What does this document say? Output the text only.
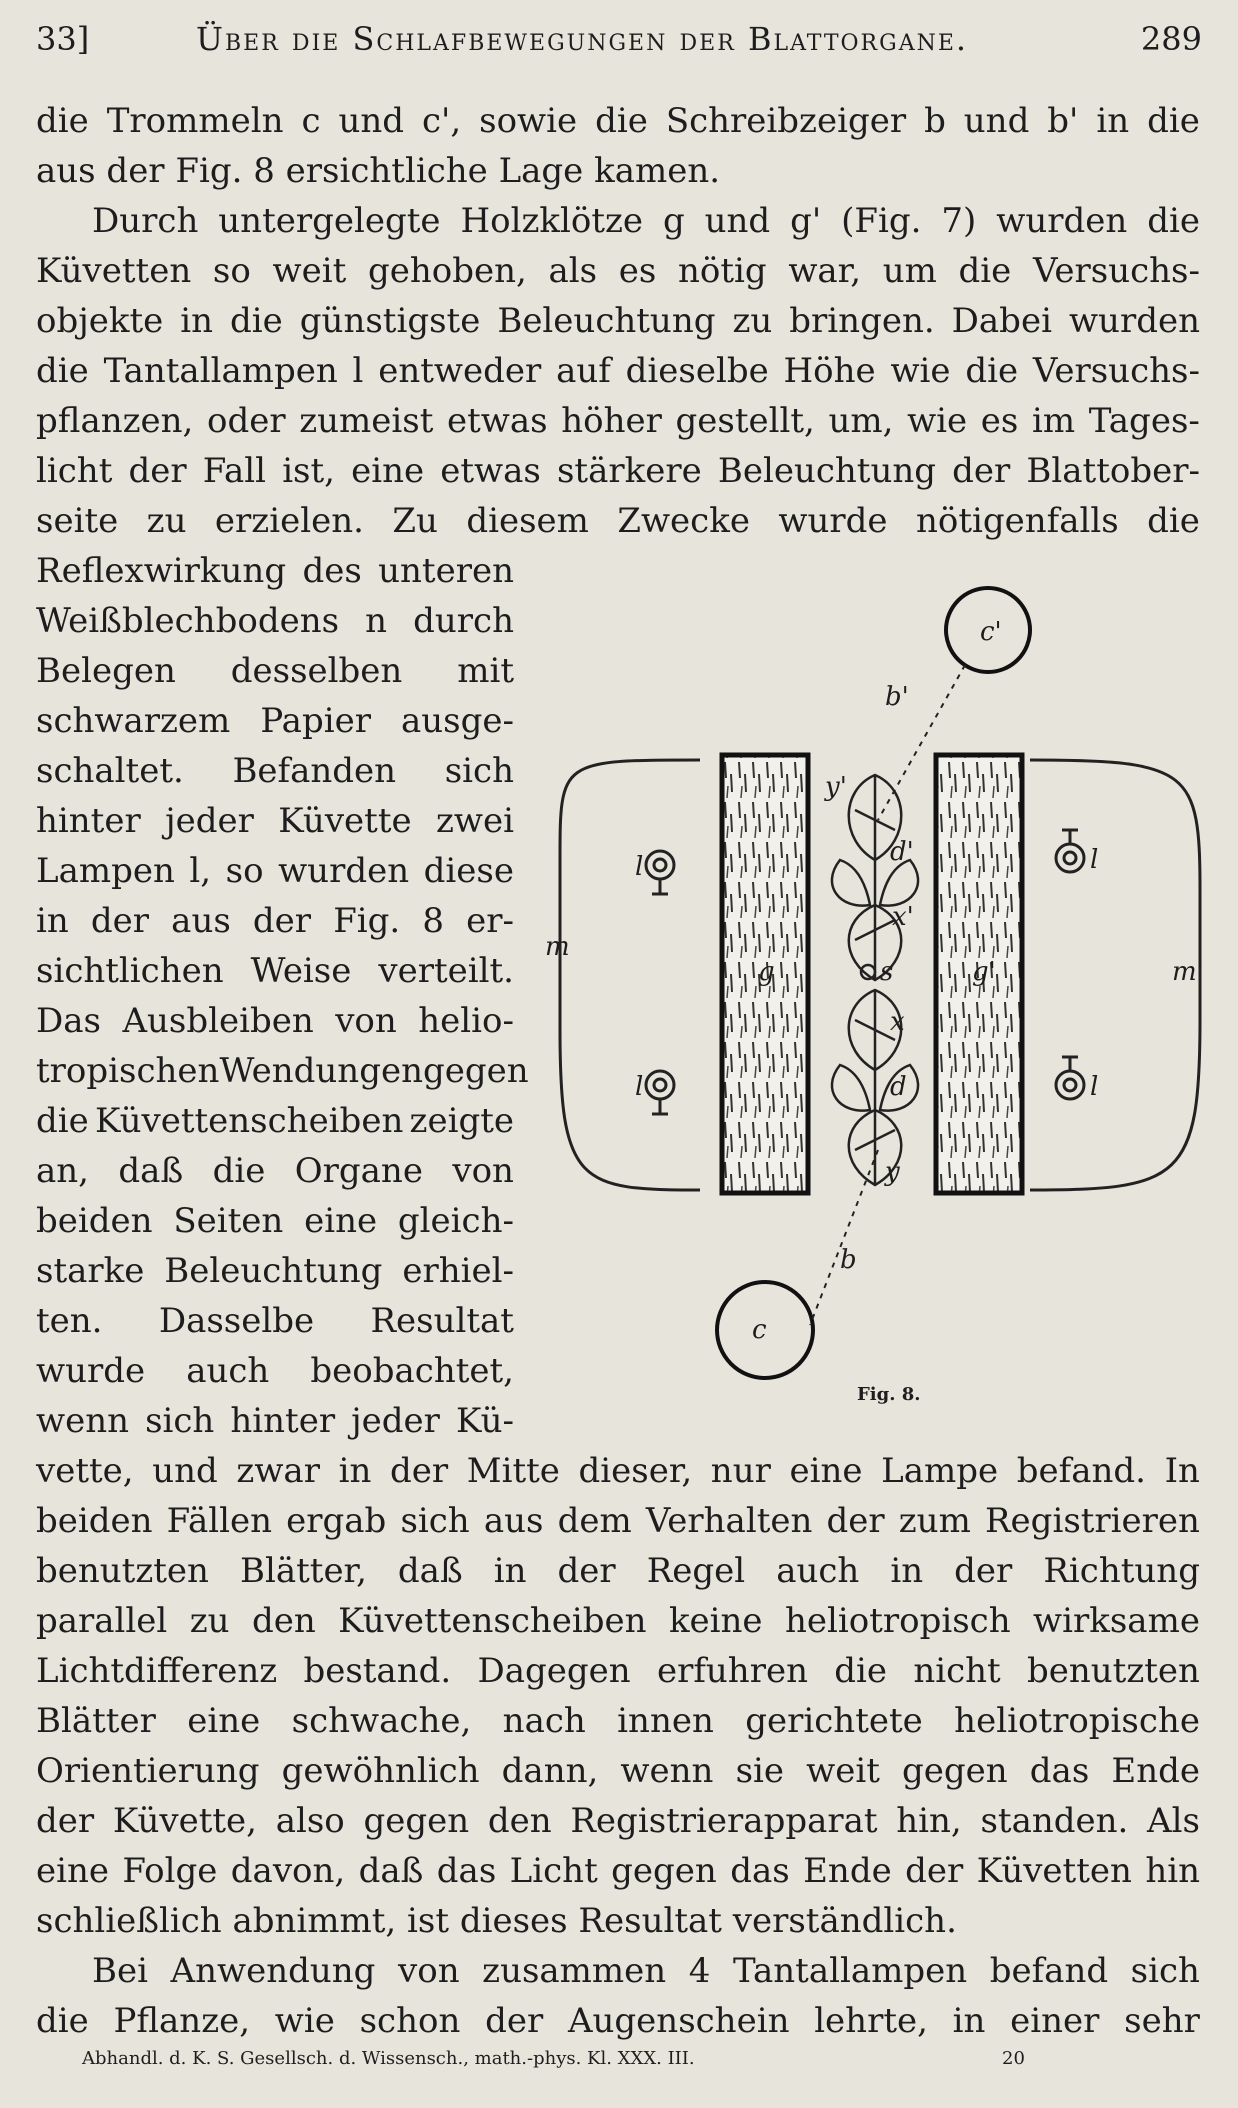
33]	Über die Schlafbewegungen der Blattorgane.	289
die Trommeln c und c', sowie die Schreibzeiger b und b' in die
aus der Fig. 8 ersichtliche Lage kamen.
Durch untergelegte Holzklötze g und g' (Fig. 7) wurden die
Küvetten so weit gehoben, als es nötig war, um die Versuchs-
objekte in die günstigste Beleuchtung zu bringen. Dabei wurden
die Tantallampen l entweder auf dieselbe Höhe wie die Versuchs-
pflanzen, oder zumeist etwas höher gestellt, um, wie es im Tages-
licht der Fall ist, eine etwas stärkere Beleuchtung der Blattober-
seite zu erzielen. Zu diesem Zwecke wurde nötigenfalls die
Reflexwirkung des unteren
Weißblechbodens n durch
Belegen desselben mit
schwarzem Papier ausge-
schaltet. Befanden sich
hinter jeder Küvette zwei
Lampen l, so wurden diese
in der aus der Fig. 8 er-
sichtlichen Weise verteilt.
Das Ausbleiben von helio-
tropischen Wendungen gegen
die Küvettenscheiben zeigte
an, daß die Organe von
beiden Seiten eine gleich-
starke Beleuchtung erhiel-
ten. Dasselbe Resultat
wurde auch beobachtet,
wenn sich hinter jeder Kü-
vette, und zwar in der Mitte dieser, nur eine Lampe befand. In
beiden Fällen ergab sich aus dem Verhalten der zum Registrieren
benutzten Blätter, daß in der Regel auch in der Richtung
parallel zu den Küvettenscheiben keine heliotropisch wirksame
Lichtdifferenz bestand. Dagegen erfuhren die nicht benutzten
Blätter eine schwache, nach innen gerichtete heliotropische
Orientierung gewöhnlich dann, wenn sie weit gegen das Ende
der Küvette, also gegen den Registrierapparat hin, standen. Als
eine Folge davon, daß das Licht gegen das Ende der Küvetten hin
schließlich abnimmt, ist dieses Resultat verständlich.
Bei Anwendung von zusammen 4 Tantallampen befand sich
die Pflanze, wie schon der Augenschein lehrte, in einer sehr
c'
b'
y'
d'
x'
g	g'
s
x
d
y
b
c
m
m'
l
l
l
l
Fig. 8.
Abhandl. d. K. S. Gesellsch. d. Wissensch., math.-phys. Kl. XXX. III.	20
